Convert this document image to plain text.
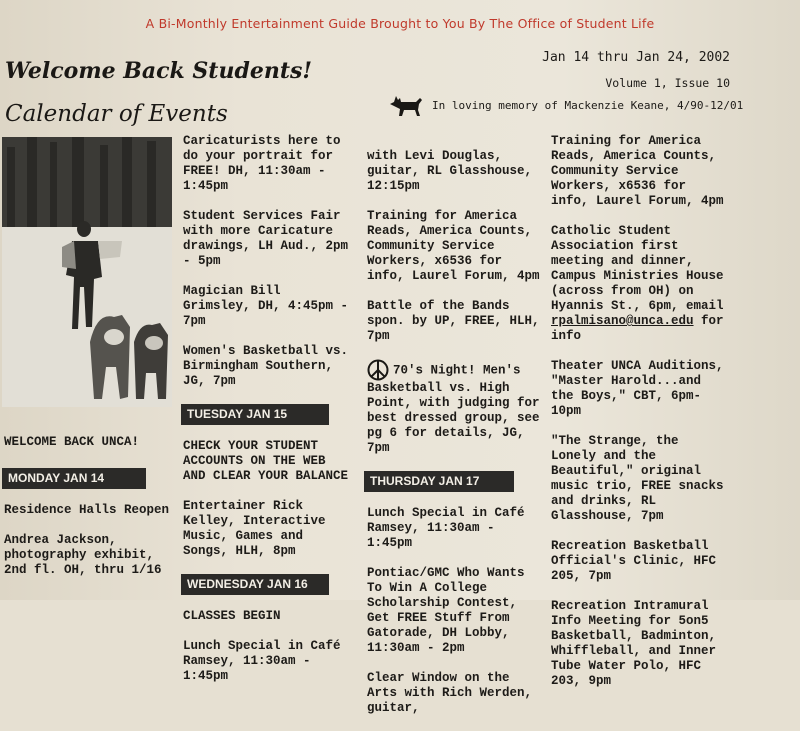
A Bi-Monthly Entertainment Guide Brought to You By The Office of Student Life
Welcome Back Students!
Calendar of Events
Jan 14 thru Jan 24, 2002
Volume 1, Issue 10
In loving memory of Mackenzie Keane, 4/90-12/01

WELCOME BACK UNCA!

MONDAY JAN 14

Residence Halls Reopen

Andrea Jackson, photography exhibit, 2nd fl. OH, thru 1/16

Caricaturists here to do your portrait for FREE! DH, 11:30am - 1:45pm

Student Services Fair with more Caricature drawings, LH Aud., 2pm - 5pm

Magician Bill Grimsley, DH, 4:45pm - 7pm

Women's Basketball vs. Birmingham Southern, JG, 7pm

TUESDAY JAN 15

CHECK YOUR STUDENT ACCOUNTS ON THE WEB AND CLEAR YOUR BALANCE

Entertainer Rick Kelley, Interactive Music, Games and Songs, HLH, 8pm

WEDNESDAY JAN 16

CLASSES BEGIN

Lunch Special in Café Ramsey, 11:30am - 1:45pm

with Levi Douglas, guitar, RL Glasshouse, 12:15pm

Training for America Reads, America Counts, Community Service Workers, x6536 for info, Laurel Forum, 4pm

Battle of the Bands spon. by UP, FREE, HLH, 7pm

70's Night! Men's Basketball vs. High Point, with judging for best dressed group, see pg 6 for details, JG, 7pm

THURSDAY JAN 17

Lunch Special in Café Ramsey, 11:30am - 1:45pm

Pontiac/GMC Who Wants To Win A College Scholarship Contest, Get FREE Stuff From Gatorade, DH Lobby, 11:30am - 2pm

Clear Window on the Arts with Rich Werden, guitar,

Training for America Reads, America Counts, Community Service Workers, x6536 for info, Laurel Forum, 4pm

Catholic Student Association first meeting and dinner, Campus Ministries House (across from OH) on Hyannis St., 6pm, email rpalmisano@unca.edu for info

Theater UNCA Auditions, "Master Harold...and the Boys," CBT, 6pm-10pm

"The Strange, the Lonely and the Beautiful," original music trio, FREE snacks and drinks, RL Glasshouse, 7pm

Recreation Basketball Official's Clinic, HFC 205, 7pm

Recreation Intramural Info Meeting for 5on5 Basketball, Badminton, Whiffleball, and Inner Tube Water Polo, HFC 203, 9pm
